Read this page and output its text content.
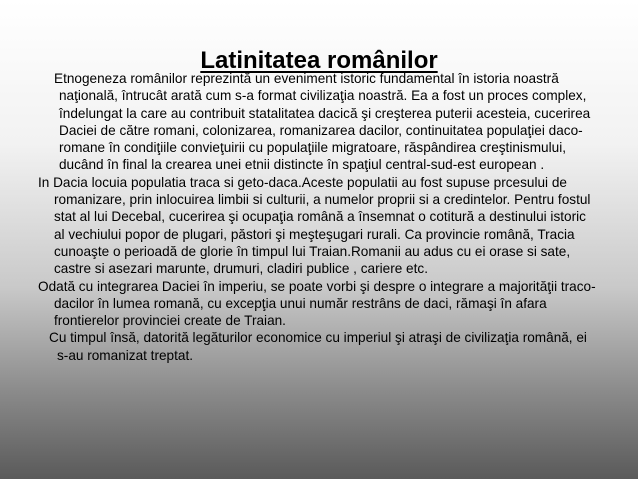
Latinitatea românilor

Etnogeneza românilor reprezintă un eveniment istoric fundamental în istoria noastră naţională, întrucât arată cum s-a format civilizaţia noastră. Ea a fost un proces complex, îndelungat la care au contribuit statalitatea dacică şi creşterea puterii acesteia, cucerirea Daciei de către romani, colonizarea, romanizarea dacilor, continuitatea populaţiei daco-romane în condiţiile convieţuirii cu populaţiile migratoare, răspândirea creştinismului, ducând în final la crearea unei etnii distincte în spaţiul central-sud-est european .

In Dacia locuia populatia traca si geto-daca.Aceste populatii au fost supuse prcesului de romanizare, prin inlocuirea limbii si culturii, a numelor proprii si a credintelor. Pentru fostul stat al lui Decebal, cucerirea şi ocupaţia română a însemnat o cotitură a destinului istoric al vechiului popor de plugari, păstori şi meşteşugari rurali. Ca provincie română, Tracia cunoaşte o perioadă de glorie în timpul lui Traian.Romanii au adus cu ei orase si sate, castre si asezari marunte, drumuri, cladiri publice , cariere etc.

Odată cu integrarea Daciei în imperiu, se poate vorbi şi despre o integrare a majorităţii traco-dacilor în lumea romană, cu excepţia unui număr restrâns de daci, rămaşi în afara frontierelor provinciei create de Traian.

Cu timpul însă, datorită legăturilor economice cu imperiul şi atraşi de civilizaţia română, ei s-au romanizat treptat.
